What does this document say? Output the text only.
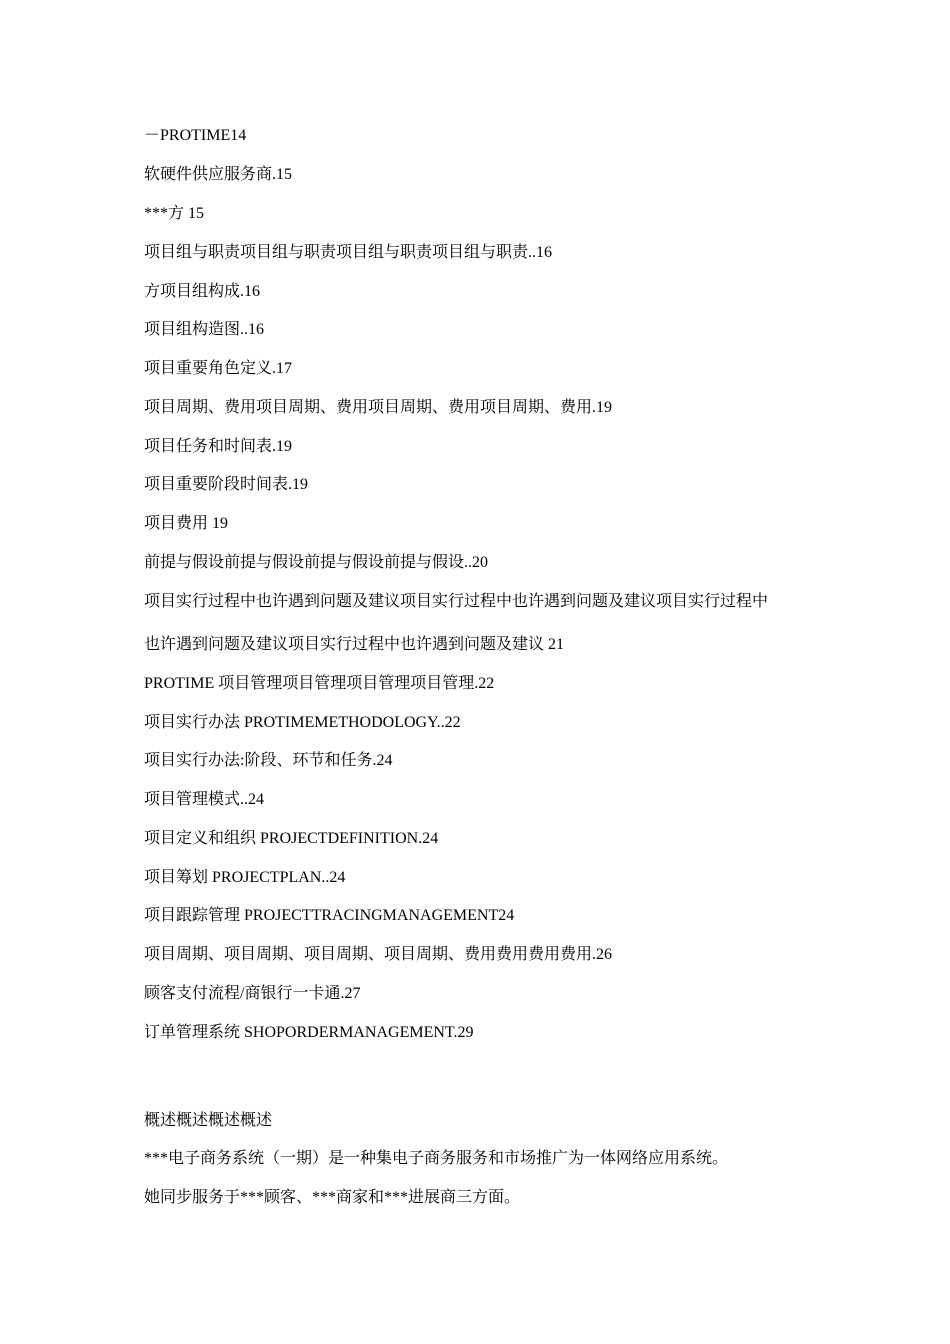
－PROTIME14
软硬件供应服务商.15
***方 15
项目组与职责项目组与职责项目组与职责项目组与职责..16
方项目组构成.16
项目组构造图..16
项目重要角色定义.17
项目周期、费用项目周期、费用项目周期、费用项目周期、费用.19
项目任务和时间表.19
项目重要阶段时间表.19
项目费用 19
前提与假设前提与假设前提与假设前提与假设..20
项目实行过程中也许遇到问题及建议项目实行过程中也许遇到问题及建议项目实行过程中
也许遇到问题及建议项目实行过程中也许遇到问题及建议 21
PROTIME 项目管理项目管理项目管理项目管理.22
项目实行办法 PROTIMEMETHODOLOGY..22
项目实行办法:阶段、环节和任务.24
项目管理模式..24
项目定义和组织 PROJECTDEFINITION.24
项目筹划 PROJECTPLAN..24
项目跟踪管理 PROJECTTRACINGMANAGEMENT24
项目周期、项目周期、项目周期、项目周期、费用费用费用费用.26
顾客支付流程/商银行一卡通.27
订单管理系统 SHOPORDERMANAGEMENT.29
概述概述概述概述
***电子商务系统（一期）是一种集电子商务服务和市场推广为一体网络应用系统。
她同步服务于***顾客、***商家和***进展商三方面。
